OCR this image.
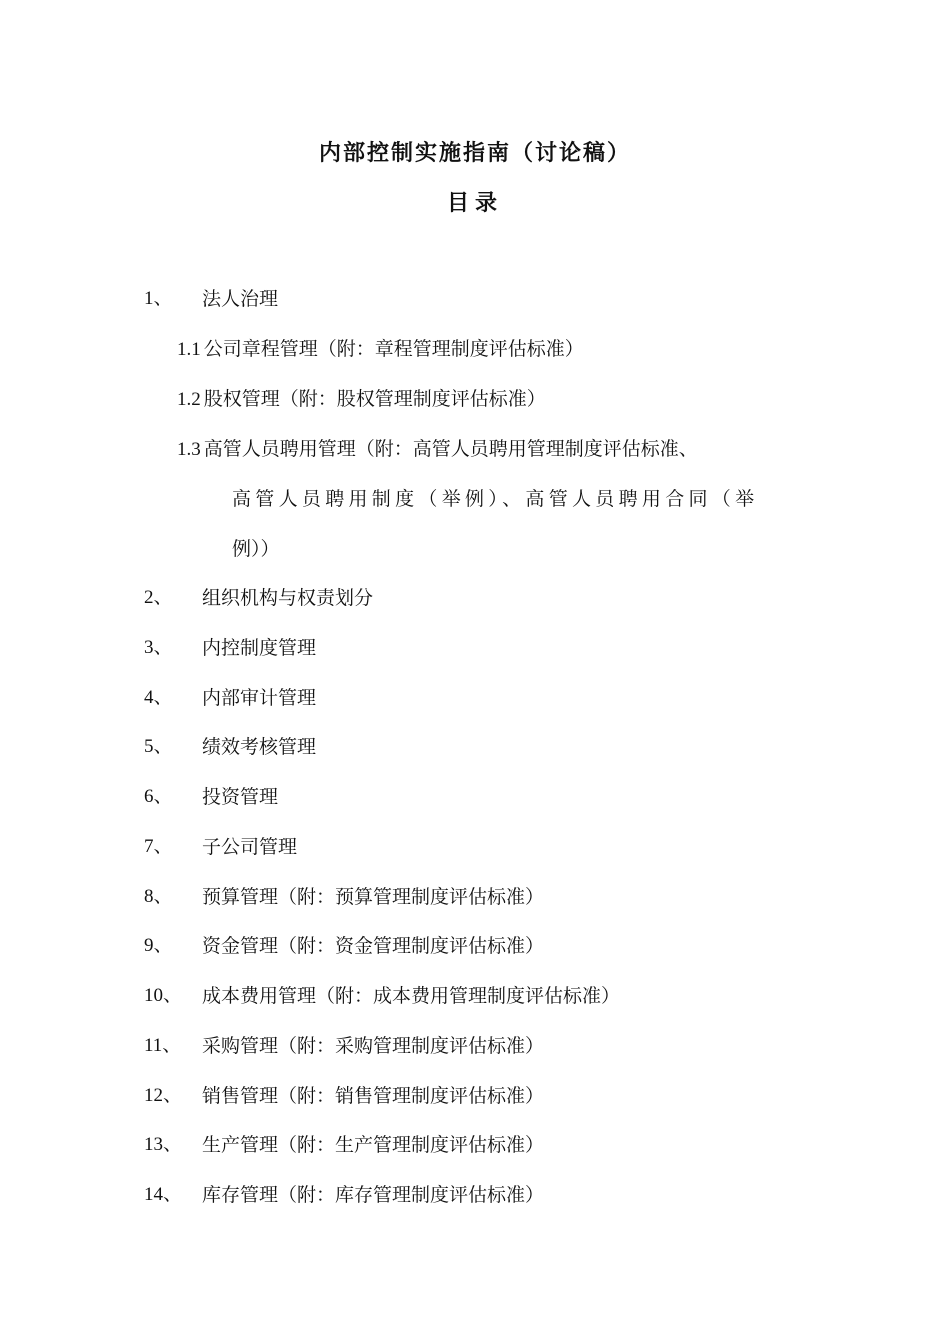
内部控制实施指南（讨论稿）
目录
1、 法人治理
1.1 公司章程管理（附：章程管理制度评估标准）
1.2 股权管理（附：股权管理制度评估标准）
1.3 高管人员聘用管理（附：高管人员聘用管理制度评估标准、
高管人员聘用制度（举例）、高管人员聘用合同（举
例））
2、 组织机构与权责划分
3、 内控制度管理
4、 内部审计管理
5、 绩效考核管理
6、 投资管理
7、 子公司管理
8、 预算管理（附：预算管理制度评估标准）
9、 资金管理（附：资金管理制度评估标准）
10、 成本费用管理（附：成本费用管理制度评估标准）
11、 采购管理（附：采购管理制度评估标准）
12、 销售管理（附：销售管理制度评估标准）
13、 生产管理（附：生产管理制度评估标准）
14、 库存管理（附：库存管理制度评估标准）
